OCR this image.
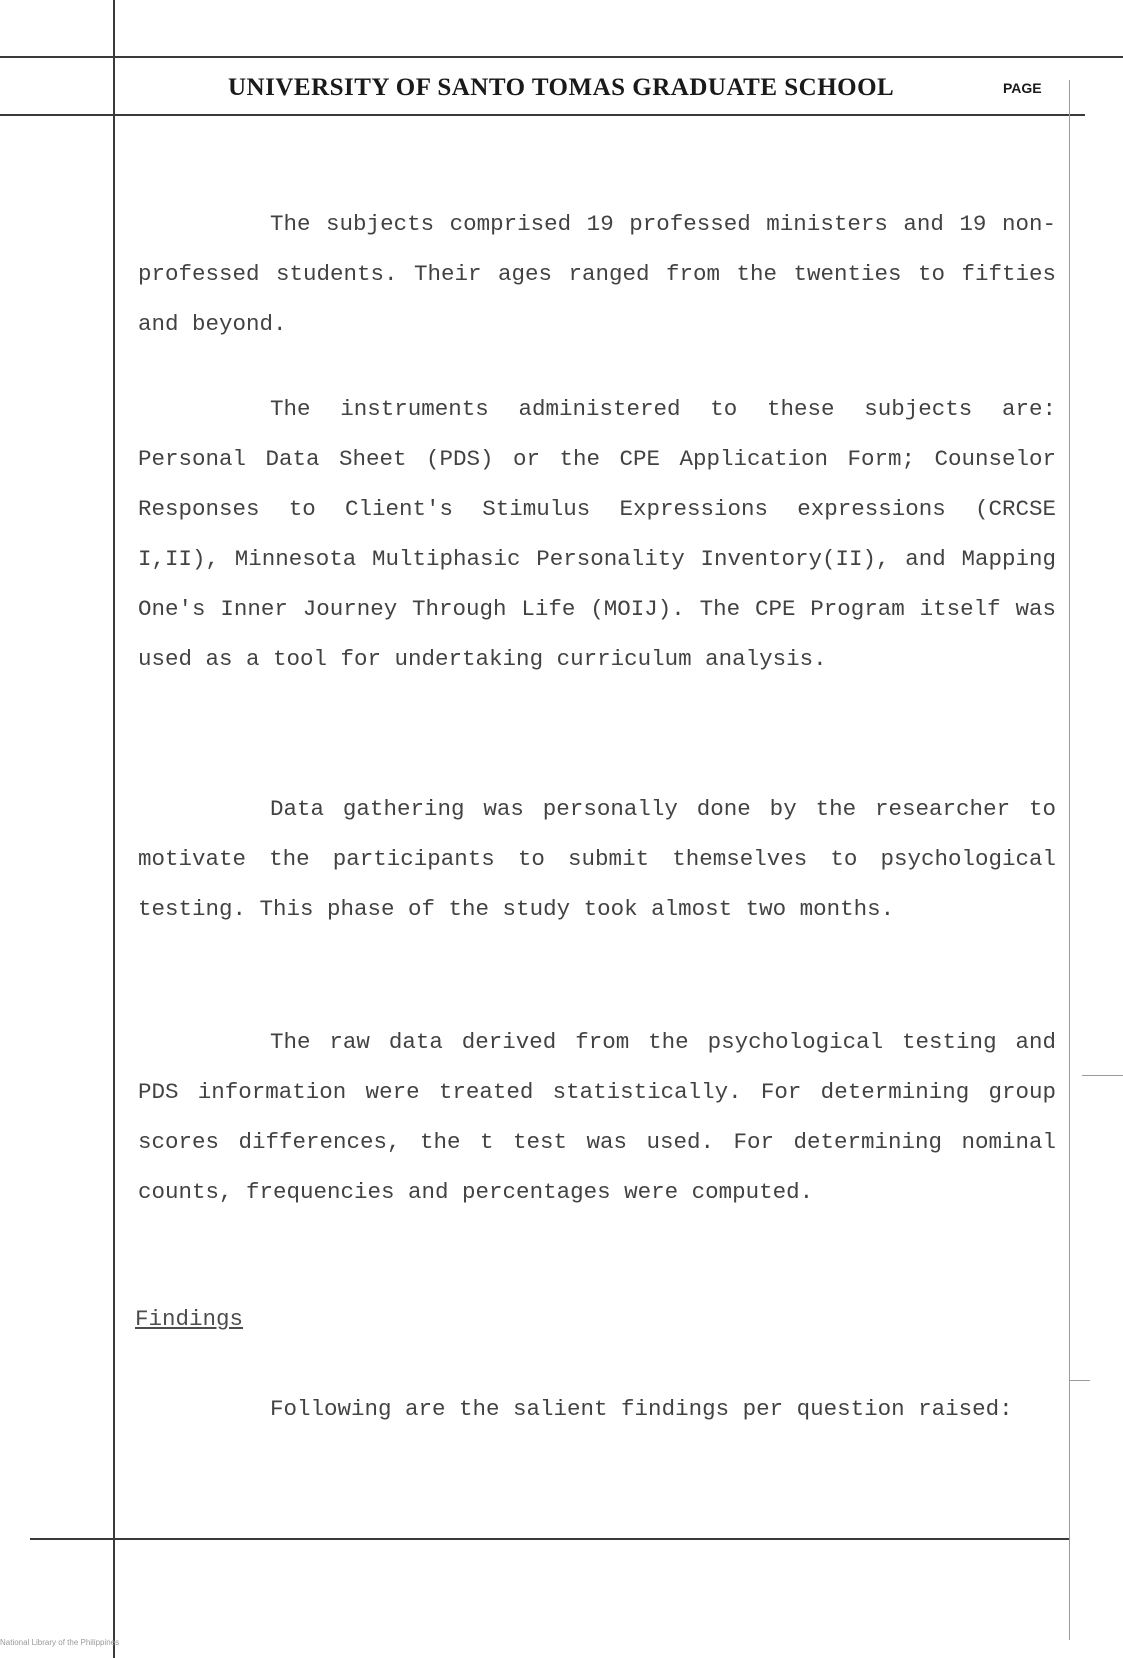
UNIVERSITY OF SANTO TOMAS GRADUATE SCHOOL	PAGE

The subjects comprised 19 professed ministers and 19 non-professed students. Their ages ranged from the twenties to fifties and beyond.

The instruments administered to these subjects are: Personal Data Sheet (PDS) or the CPE Application Form; Counselor Responses to Client's Stimulus Expressions expressions (CRCSE I,II), Minnesota Multiphasic Personality Inventory(II), and Mapping One's Inner Journey Through Life (MOIJ). The CPE Program itself was used as a tool for undertaking curriculum analysis.

Data gathering was personally done by the researcher to motivate the participants to submit themselves to psychological testing. This phase of the study took almost two months.

The raw data derived from the psychological testing and PDS information were treated statistically. For determining group scores differences, the t test was used. For determining nominal counts, frequencies and percentages were computed.

Findings

Following are the salient findings per question raised:

National Library of the Philippines
